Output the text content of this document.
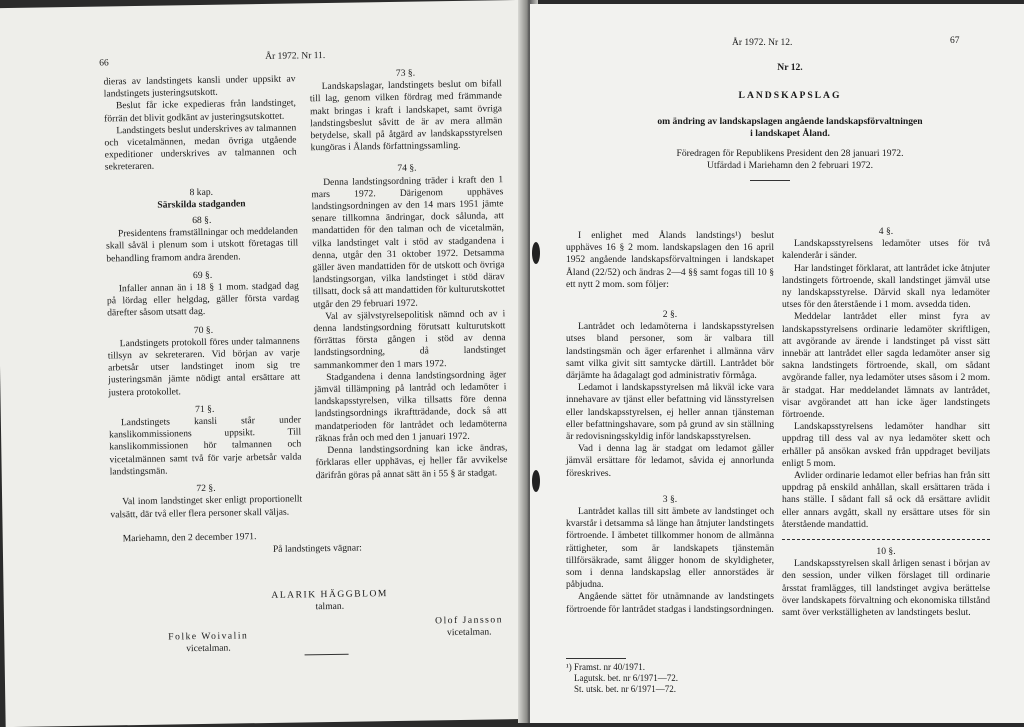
66
År 1972. Nr 11.

dieras av landstingets kansli under uppsikt av landstingets justeringsutskott.

Beslut får icke expedieras från landstinget, förrän det blivit godkänt av justeringsutskottet.

Landstingets beslut underskrives av talmannen och vicetalmännen, medan övriga utgående expeditioner underskrives av talmannen och sekreteraren.

8 kap.
Särskilda stadganden
68 §.

Presidentens framställningar och meddelanden skall såväl i plenum som i utskott företagas till behandling framom andra ärenden.

69 §.

Infaller annan än i 18 § 1 mom. stadgad dag på lördag eller helgdag, gäller första vardag därefter såsom utsatt dag.

70 §.

Landstingets protokoll föres under talmannens tillsyn av sekreteraren. Vid början av varje arbetsår utser landstinget inom sig tre justeringsmän jämte nödigt antal ersättare att justera protokollet.

71 §.

Landstingets kansli står under kanslikommissionens uppsikt. Till kanslikommissionen hör talmannen och vicetalmännen samt två för varje arbetsår valda landstingsmän.

72 §.

Val inom landstinget sker enligt proportionellt valsätt, där två eller flera personer skall väljas.

Mariehamn, den 2 december 1971.

73 §.

Landskapslagar, landstingets beslut om bifall till lag, genom vilken fördrag med främmande makt bringas i kraft i landskapet, samt övriga landstingsbeslut såvitt de är av mera allmän betydelse, skall på åtgärd av landskapsstyrelsen kungöras i Ålands författningssamling.

74 §.

Denna landstingsordning träder i kraft den 1 mars 1972. Därigenom upphäves landstingsordningen av den 14 mars 1951 jämte senare tillkomna ändringar, dock sålunda, att mandattiden för den talman och de vicetalmän, vilka landstinget valt i stöd av stadgandena i denna, utgår den 31 oktober 1972. Detsamma gäller även mandattiden för de utskott och övriga landstingsorgan, vilka landstinget i stöd därav tillsatt, dock så att mandattiden för kulturutskottet utgår den 29 februari 1972.

Val av självstyrelsepolitisk nämnd och av i denna landstingsordning förutsatt kulturutskott förrättas första gången i stöd av denna landstingsordning, då landstinget sammankommer den 1 mars 1972.

Stadgandena i denna landstingsordning äger jämväl tillämpning på lantråd och ledamöter i landskapsstyrelsen, vilka tillsatts före denna landstingsordnings ikraftträdande, dock så att mandatperioden för lantrådet och ledamöterna räknas från och med den 1 januari 1972.

Denna landstingsordning kan icke ändras, förklaras eller upphävas, ej heller får avvikelse därifrån göras på annat sätt än i 55 § är stadgat.

På landstingets vägnar:
ALARIK HÄGGBLOM
talman.
Folke Woivalin
vicetalman.
Olof Jansson
vicetalman.
År 1972. Nr 12.	67
Nr 12.
LANDSKAPSLAG
om ändring av landskapslagen angående landskapsförvaltningen
i landskapet Åland.
Föredragen för Republikens President den 28 januari 1972.
Utfärdad i Mariehamn den 2 februari 1972.

I enlighet med Ålands landstings¹) beslut upphäves 16 § 2 mom. landskapslagen den 16 april 1952 angående landskapsförvaltningen i landskapet Åland (22/52) och ändras 2—4 §§ samt fogas till 10 § ett nytt 2 mom. som följer:

2 §.

Lantrådet och ledamöterna i landskapsstyrelsen utses bland personer, som är valbara till landstingsmän och äger erfarenhet i allmänna värv samt vilka givit sitt samtycke därtill. Lantrådet bör därjämte ha ådagalagt god administrativ förmåga.

Ledamot i landskapsstyrelsen må likväl icke vara innehavare av tjänst eller befattning vid länsstyrelsen eller landskapsstyrelsen, ej heller annan tjänsteman eller befattningshavare, som på grund av sin ställning är redovisningsskyldig inför landskapsstyrelsen.

Vad i denna lag är stadgat om ledamot gäller jämväl ersättare för ledamot, såvida ej annorlunda föreskrives.

3 §.

Lantrådet kallas till sitt ämbete av landstinget och kvarstår i detsamma så länge han åtnjuter landstingets förtroende. I ämbetet tillkommer honom de allmänna rättigheter, som är landskapets tjänstemän tillförsäkrade, samt åligger honom de skyldigheter, som i denna landskapslag eller annorstädes är påbjudna.

Angående sättet för utnämnande av landstingets förtroende för lantrådet stadgas i landstingsordningen.

¹) Framst. nr 40/1971.
Lagutsk. bet. nr 6/1971—72.
St. utsk. bet. nr 6/1971—72.
4 §.

Landskapsstyrelsens ledamöter utses för två kalenderår i sänder.

Har landstinget förklarat, att lantrådet icke åtnjuter landstingets förtroende, skall landstinget jämväl utse ny landskapsstyrelse. Därvid skall nya ledamöter utses för den återstående i 1 mom. avsedda tiden.

Meddelar lantrådet eller minst fyra av landskapsstyrelsens ordinarie ledamöter skriftligen, att avgörande av ärende i landstinget på visst sätt innebär att lantrådet eller sagda ledamöter anser sig sakna landstingets förtroende, skall, om sådant avgörande faller, nya ledamöter utses såsom i 2 mom. är stadgat. Har meddelandet lämnats av lantrådet, visar avgörandet att han icke äger landstingets förtroende.

Landskapsstyrelsens ledamöter handhar sitt uppdrag till dess val av nya ledamöter skett och erhåller på ansökan avsked från uppdraget beviljats enligt 5 mom.

Avlider ordinarie ledamot eller befrias han från sitt uppdrag på enskild anhållan, skall ersättaren träda i hans ställe. I sådant fall så ock då ersättare avlidit eller annars avgått, skall ny ersättare utses för sin återstående mandattid.

10 §.

Landskapsstyrelsen skall årligen senast i början av den session, under vilken förslaget till ordinarie årsstat framlägges, till landstinget avgiva berättelse över landskapets förvaltning och ekonomiska tillstånd samt över verkställigheten av landstingets beslut.
